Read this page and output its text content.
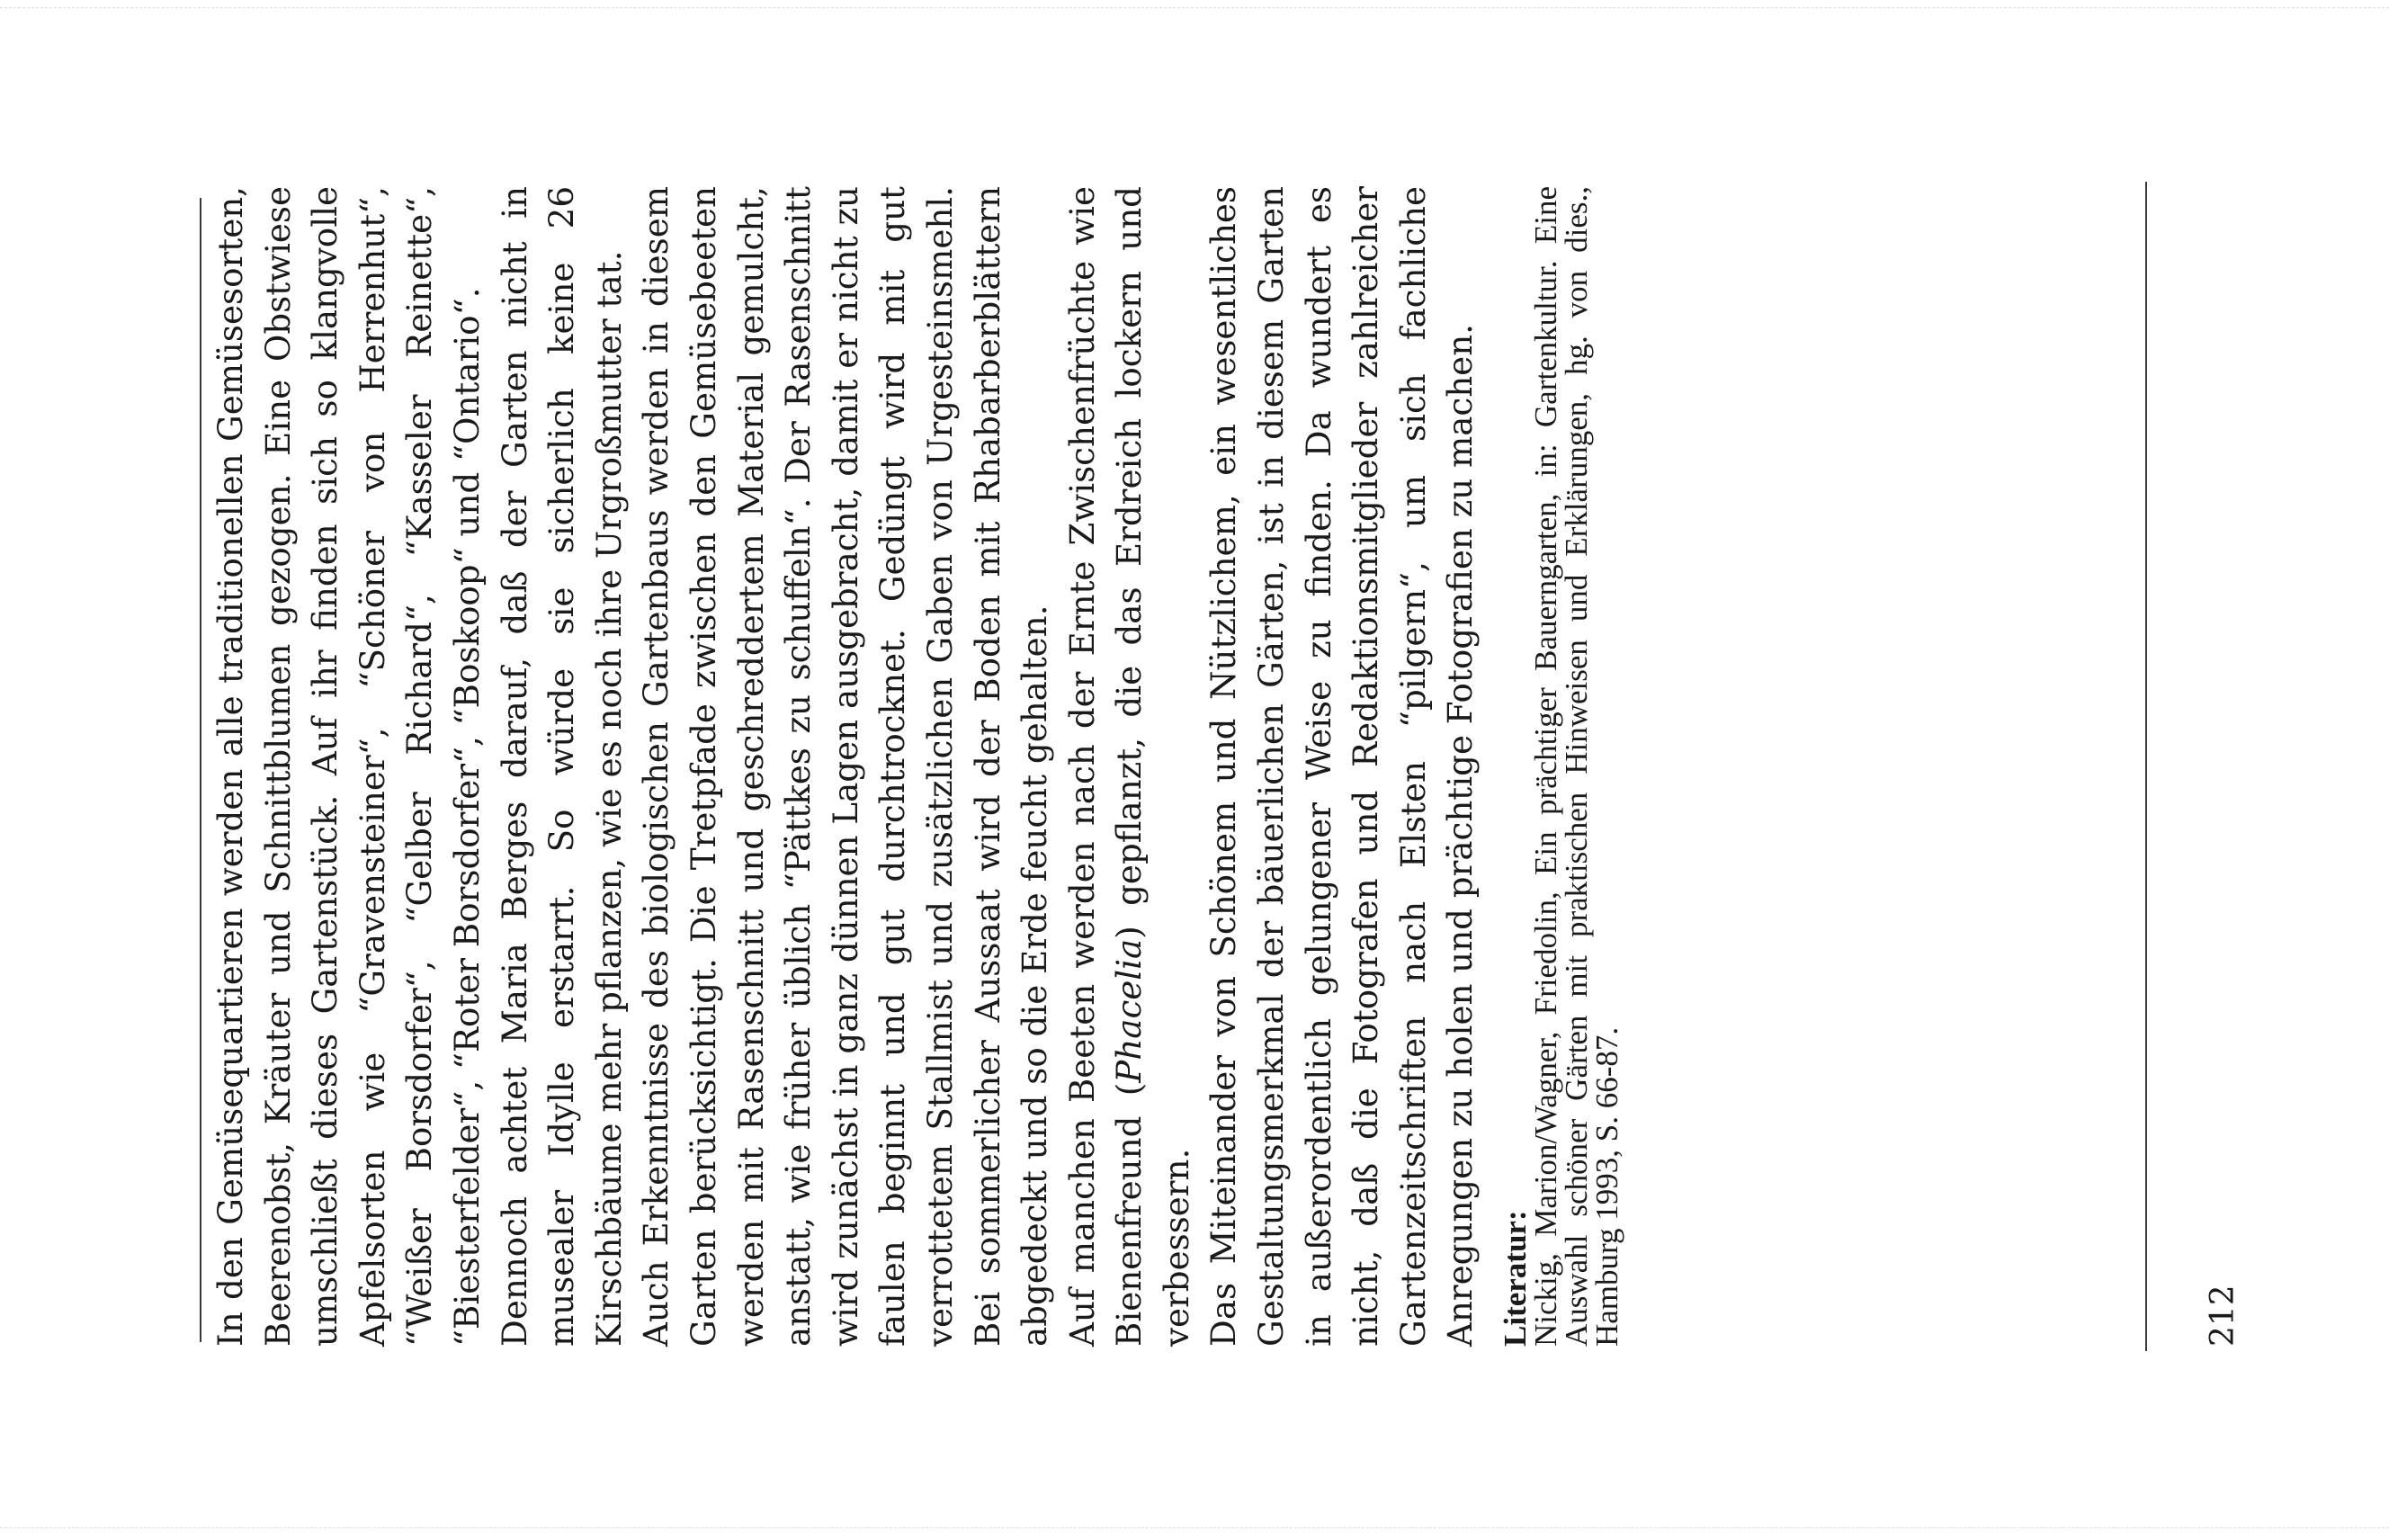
In den Gemüsequartieren werden alle traditionellen Gemüsesorten, Beerenobst, Kräuter und Schnittblumen gezogen. Eine Obstwiese umschließt dieses Gartenstück. Auf ihr finden sich so klangvolle Apfelsorten wie “Gravensteiner“, “Schöner von Herrenhut“, “Weißer Borsdorfer“, “Gelber Richard“, “Kasseler Reinette“, “Biesterfelder“, “Roter Borsdorfer“, “Boskoop“ und “Ontario“. Dennoch achtet Maria Berges darauf, daß der Garten nicht in musealer Idylle erstarrt. So würde sie sicherlich keine 26 Kirschbäume mehr pflanzen, wie es noch ihre Urgroßmutter tat. Auch Erkenntnisse des biologischen Gartenbaus werden in diesem Garten berücksichtigt. Die Tretpfade zwischen den Gemüsebeeten werden mit Rasenschnitt und geschreddertem Material gemulcht, anstatt, wie früher üblich “Pättkes zu schuffeln“. Der Rasenschnitt wird zunächst in ganz dünnen Lagen ausgebracht, damit er nicht zu faulen beginnt und gut durchtrocknet. Gedüngt wird mit gut verrottetem Stallmist und zusätzlichen Gaben von Urgesteinsmehl. Bei sommerlicher Aussaat wird der Boden mit Rhabarberblättern abgedeckt und so die Erde feucht gehalten. Auf manchen Beeten werden nach der Ernte Zwischenfrüchte wie Bienenfreund (Phacelia) gepflanzt, die das Erdreich lockern und verbessern. Das Miteinander von Schönem und Nützlichem, ein wesentliches Gestaltungsmerkmal der bäuerlichen Gärten, ist in diesem Garten in außerordentlich gelungener Weise zu finden. Da wundert es nicht, daß die Fotografen und Redaktionsmitglieder zahlreicher Gartenzeitschriften nach Elsten “pilgern“, um sich fachliche Anregungen zu holen und prächtige Fotografien zu machen. Literatur:
Nickig, Marion/Wagner, Friedolin, Ein prächtiger Bauerngarten, in: Gartenkultur. Eine Auswahl schöner Gärten mit praktischen Hinweisen und Erklärungen, hg. von dies., Hamburg 1993, S. 66-87.	212
